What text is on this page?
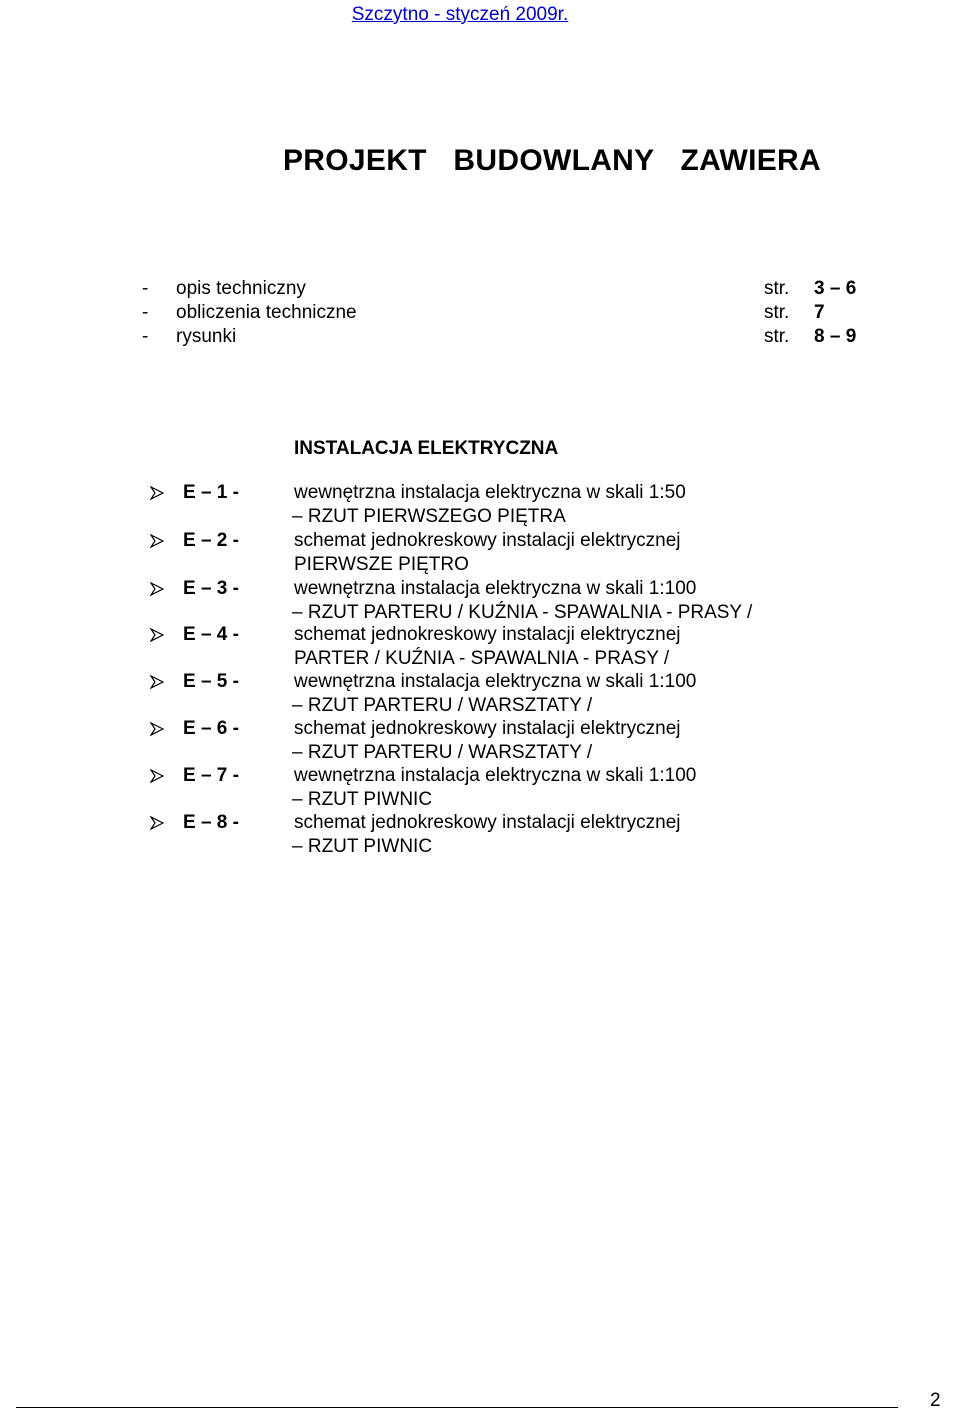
Szczytno - styczeń 2009r.
PROJEKT BUDOWLANY ZAWIERA
- opis techniczny	str. 3 – 6
- obliczenia techniczne	str. 7
- rysunki	str. 8 – 9
INSTALACJA ELEKTRYCZNA
E – 1 -	wewnętrzna instalacja elektryczna w skali 1:50
– RZUT PIERWSZEGO PIĘTRA
E – 2 -	schemat jednokreskowy instalacji elektrycznej
PIERWSZE PIĘTRO
E – 3 -	wewnętrzna instalacja elektryczna w skali 1:100
– RZUT PARTERU / KUŹNIA - SPAWALNIA - PRASY /
E – 4 -	schemat jednokreskowy instalacji elektrycznej
PARTER / KUŹNIA - SPAWALNIA - PRASY /
E – 5 -	wewnętrzna instalacja elektryczna w skali 1:100
– RZUT PARTERU / WARSZTATY /
E – 6 -	schemat jednokreskowy instalacji elektrycznej
– RZUT PARTERU / WARSZTATY /
E – 7 -	wewnętrzna instalacja elektryczna w skali 1:100
– RZUT PIWNIC
E – 8 -	schemat jednokreskowy instalacji elektrycznej
– RZUT PIWNIC
2
